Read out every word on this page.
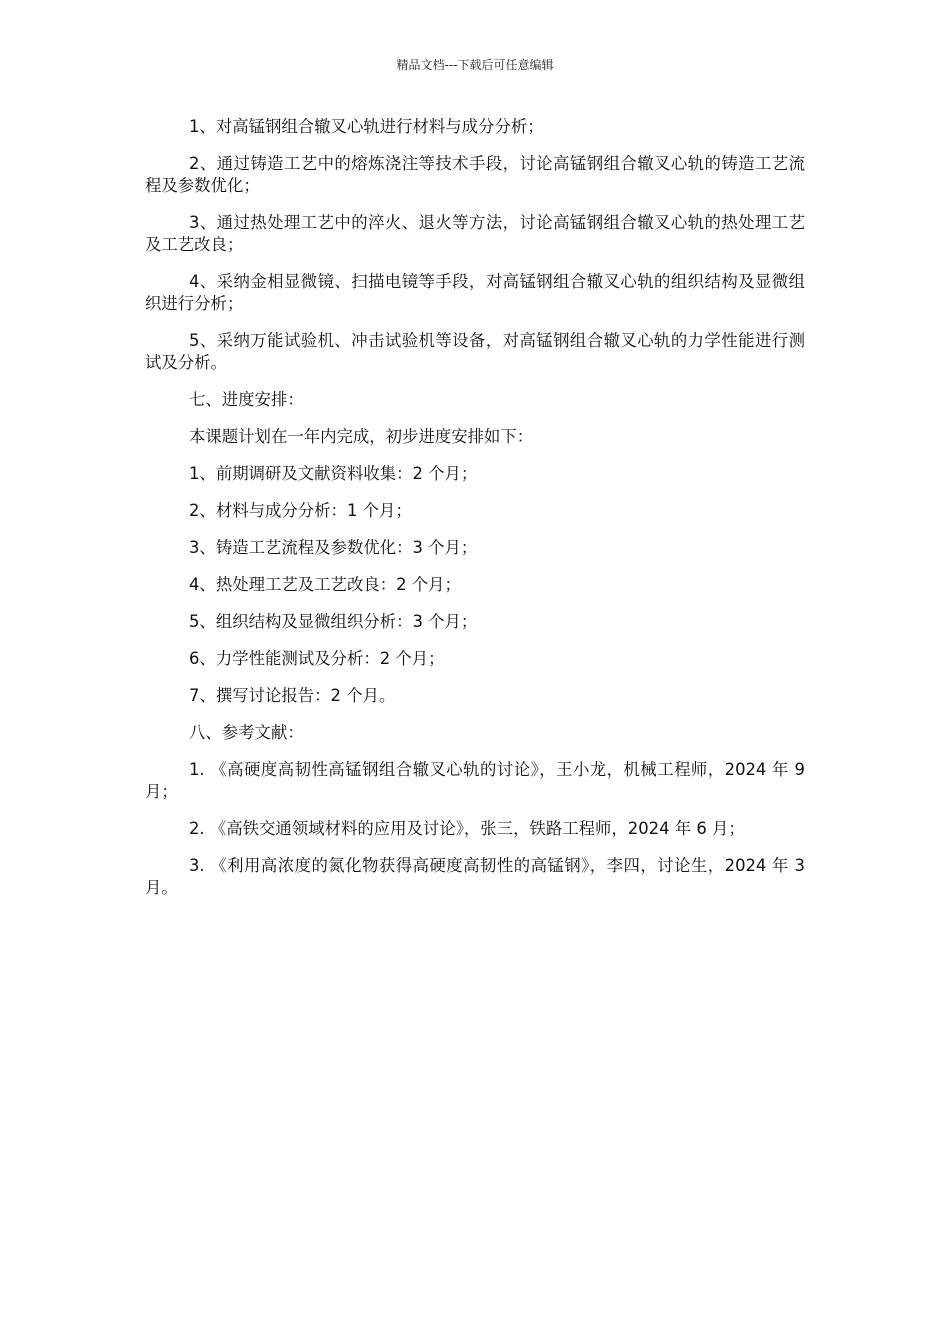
精品文档---下载后可任意编辑

1、对高锰钢组合辙叉心轨进行材料与成分分析；

2、通过铸造工艺中的熔炼浇注等技术手段，讨论高锰钢组合辙叉心轨的铸造工艺流程及参数优化；

3、通过热处理工艺中的淬火、退火等方法，讨论高锰钢组合辙叉心轨的热处理工艺及工艺改良；

4、采纳金相显微镜、扫描电镜等手段，对高锰钢组合辙叉心轨的组织结构及显微组织进行分析；

5、采纳万能试验机、冲击试验机等设备，对高锰钢组合辙叉心轨的力学性能进行测试及分析。

七、进度安排：

本课题计划在一年内完成，初步进度安排如下：

1、前期调研及文献资料收集：2 个月；

2、材料与成分分析：1 个月；

3、铸造工艺流程及参数优化：3 个月；

4、热处理工艺及工艺改良：2 个月；

5、组织结构及显微组织分析：3 个月；

6、力学性能测试及分析：2 个月；

7、撰写讨论报告：2 个月。

八、参考文献：

1. 《高硬度高韧性高锰钢组合辙叉心轨的讨论》，王小龙，机械工程师，2024 年 9 月；

2. 《高铁交通领域材料的应用及讨论》，张三，铁路工程师，2024 年 6 月；

3. 《利用高浓度的氮化物获得高硬度高韧性的高锰钢》，李四，讨论生，2024 年 3 月。
